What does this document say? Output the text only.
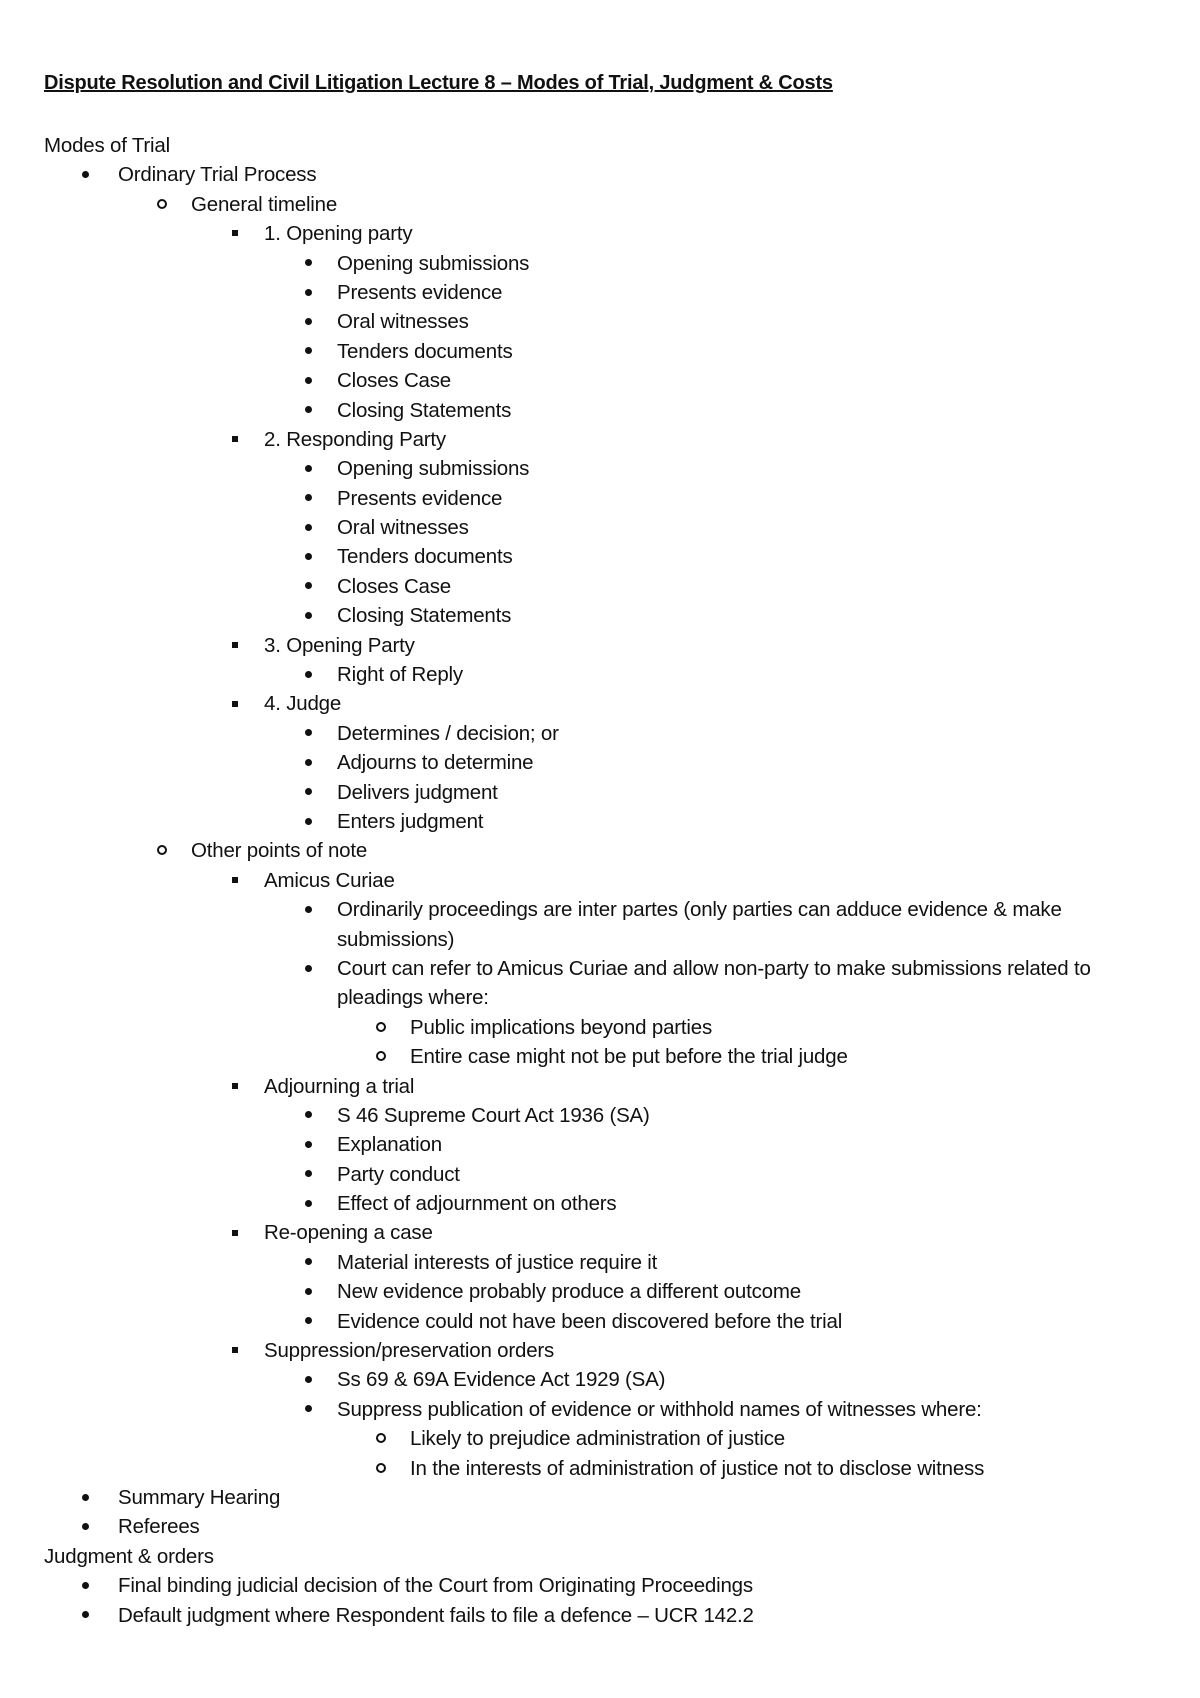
Dispute Resolution and Civil Litigation Lecture 8 – Modes of Trial, Judgment & Costs
Modes of Trial
Ordinary Trial Process
General timeline
1. Opening party
Opening submissions
Presents evidence
Oral witnesses
Tenders documents
Closes Case
Closing Statements
2. Responding Party
Opening submissions
Presents evidence
Oral witnesses
Tenders documents
Closes Case
Closing Statements
3. Opening Party
Right of Reply
4. Judge
Determines / decision; or
Adjourns to determine
Delivers judgment
Enters judgment
Other points of note
Amicus Curiae
Ordinarily proceedings are inter partes (only parties can adduce evidence & make
submissions)
Court can refer to Amicus Curiae and allow non-party to make submissions related to
pleadings where:
Public implications beyond parties
Entire case might not be put before the trial judge
Adjourning a trial
S 46 Supreme Court Act 1936 (SA)
Explanation
Party conduct
Effect of adjournment on others
Re-opening a case
Material interests of justice require it
New evidence probably produce a different outcome
Evidence could not have been discovered before the trial
Suppression/preservation orders
Ss 69 & 69A Evidence Act 1929 (SA)
Suppress publication of evidence or withhold names of witnesses where:
Likely to prejudice administration of justice
In the interests of administration of justice not to disclose witness
Summary Hearing
Referees
Judgment & orders
Final binding judicial decision of the Court from Originating Proceedings
Default judgment where Respondent fails to file a defence – UCR 142.2
